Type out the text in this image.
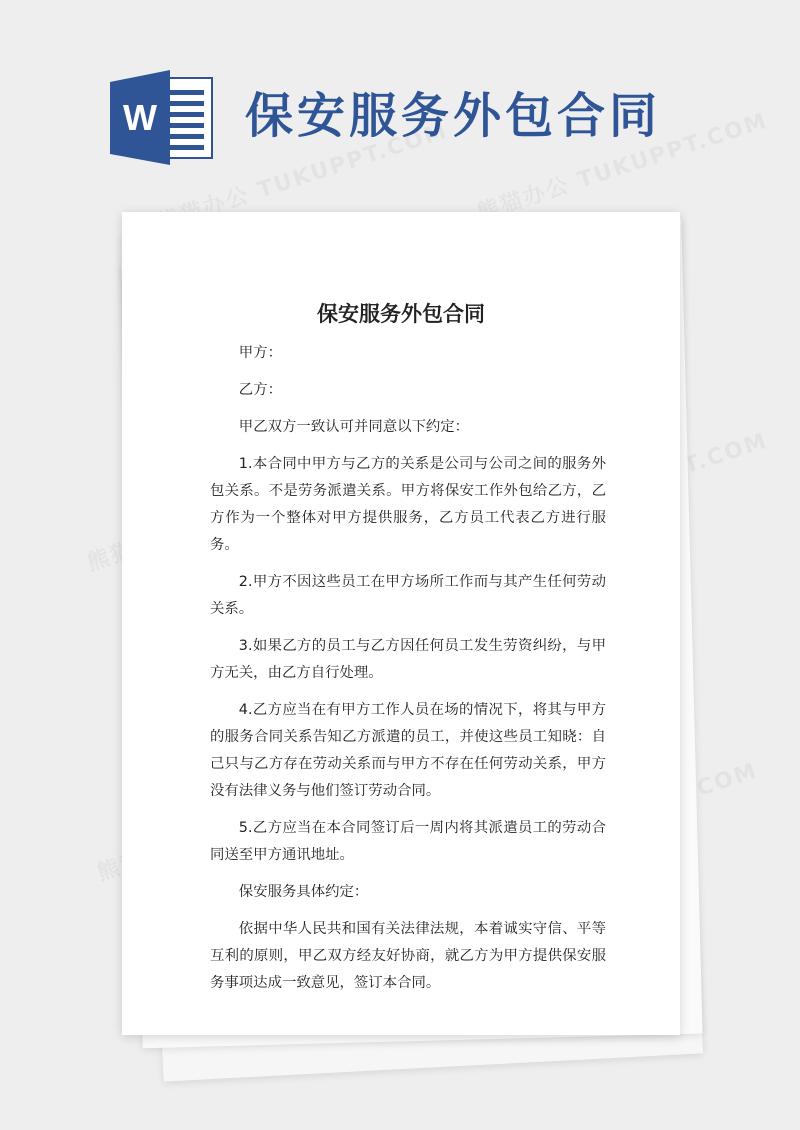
W 保安服务外包合同
保安服务外包合同

甲方：

乙方：

甲乙双方一致认可并同意以下约定：

1.本合同中甲方与乙方的关系是公司与公司之间的服务外包关系。不是劳务派遣关系。甲方将保安工作外包给乙方，乙方作为一个整体对甲方提供服务，乙方员工代表乙方进行服务。

2.甲方不因这些员工在甲方场所工作而与其产生任何劳动关系。

3.如果乙方的员工与乙方因任何员工发生劳资纠纷，与甲方无关，由乙方自行处理。

4.乙方应当在有甲方工作人员在场的情况下，将其与甲方的服务合同关系告知乙方派遣的员工，并使这些员工知晓：自己只与乙方存在劳动关系而与甲方不存在任何劳动关系，甲方没有法律义务与他们签订劳动合同。

5.乙方应当在本合同签订后一周内将其派遣员工的劳动合同送至甲方通讯地址。

保安服务具体约定：

依据中华人民共和国有关法律法规，本着诚实守信、平等互利的原则，甲乙双方经友好协商，就乙方为甲方提供保安服务事项达成一致意见，签订本合同。
